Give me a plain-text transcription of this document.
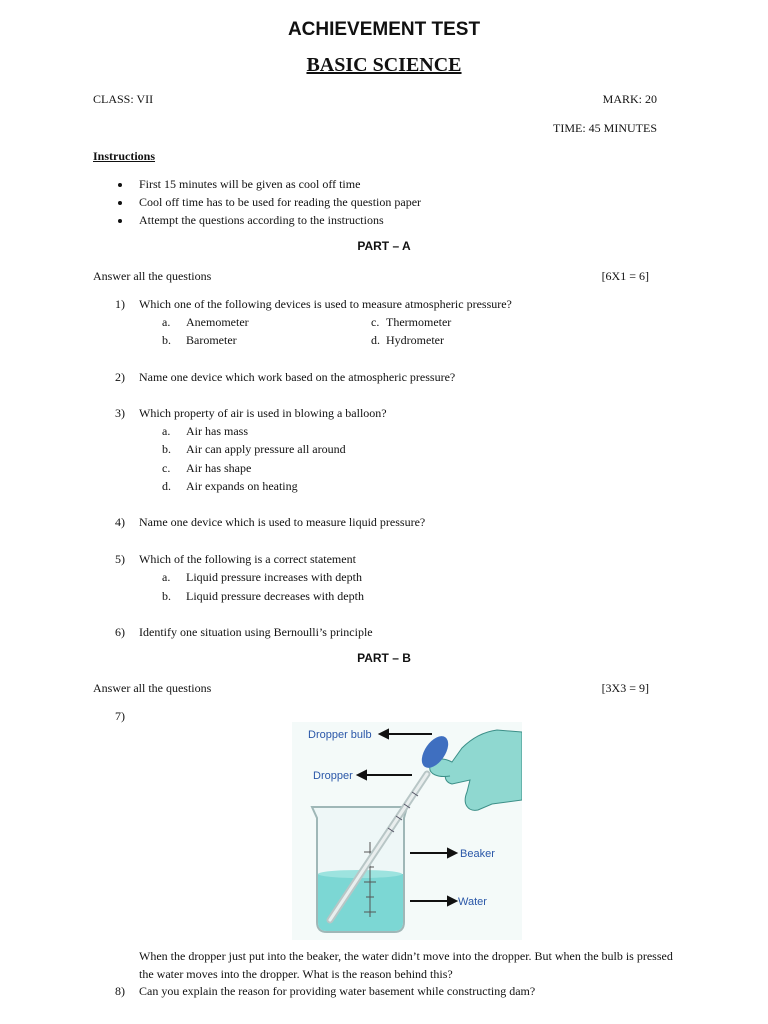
ACHIEVEMENT TEST
BASIC SCIENCE
CLASS: VII	MARK: 20
TIME: 45 MINUTES
Instructions
First 15 minutes will be given as cool off time
Cool off time has to be used for reading the question paper
Attempt the questions according to the instructions
PART – A
Answer all the questions	[6X1 = 6]
1) Which one of the following devices is used to measure atmospheric pressure?
a. Anemometer
b. Barometer
c. Thermometer
d. Hydrometer
2) Name one device which work based on the atmospheric pressure?
3) Which property of air is used in blowing a balloon?
a. Air has mass
b. Air can apply pressure all around
c. Air has shape
d. Air expands on heating
4) Name one device which is used to measure liquid pressure?
5) Which of the following is a correct statement
a. Liquid pressure increases with depth
b. Liquid pressure decreases with depth
6) Identify one situation using Bernoulli’s principle
PART – B
Answer all the questions	[3X3 = 9]
7)
Dropper bulb
Dropper
Beaker
Water
When the dropper just put into the beaker, the water didn’t move into the dropper. But when the bulb is pressed the water moves into the dropper. What is the reason behind this?
8) Can you explain the reason for providing water basement while constructing dam?
